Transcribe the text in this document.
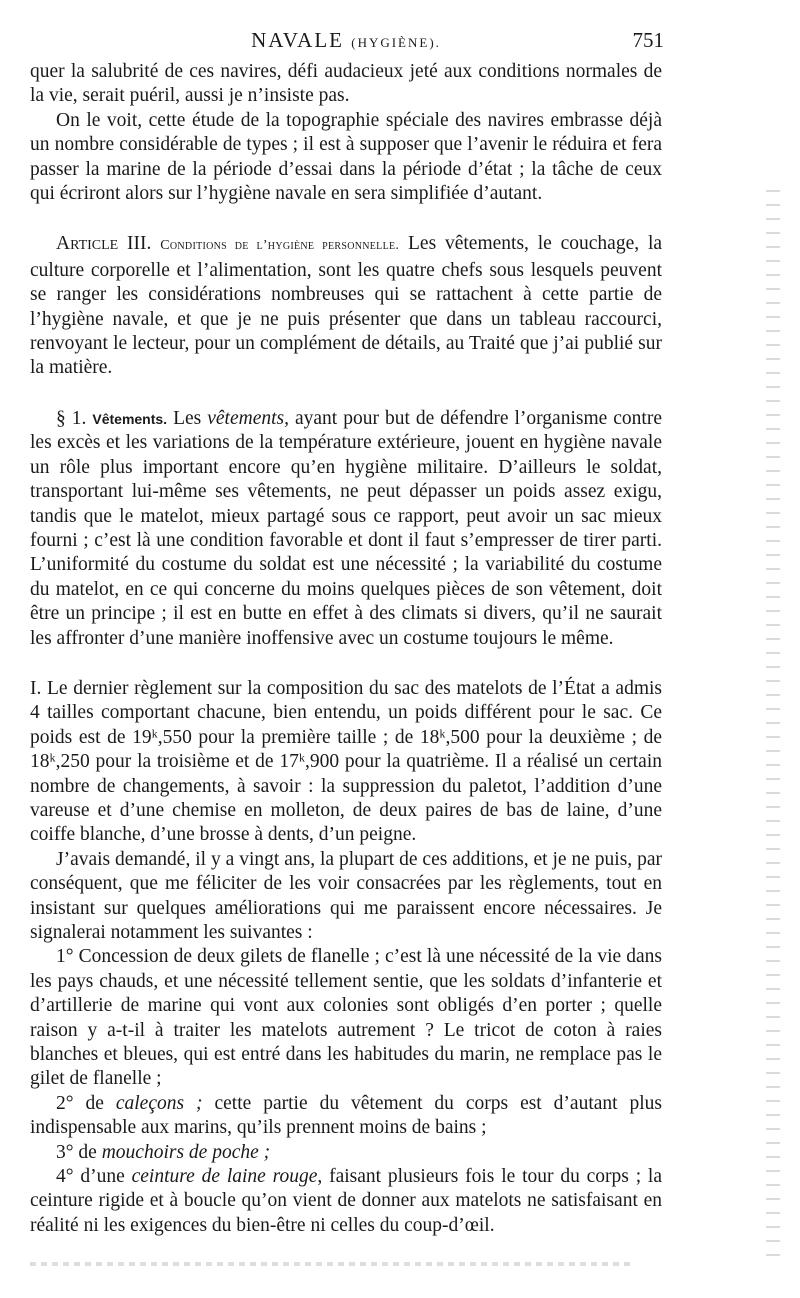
NAVALE (HYGIÈNE).	751

quer la salubrité de ces navires, défi audacieux jeté aux conditions normales de la vie, serait puéril, aussi je n’insiste pas.

On le voit, cette étude de la topographie spéciale des navires embrasse déjà un nombre considérable de types ; il est à supposer que l’avenir le réduira et fera passer la marine de la période d’essai dans la période d’état ; la tâche de ceux qui écriront alors sur l’hygiène navale en sera simplifiée d’autant.

Article III. Conditions de l’hygiène personnelle. Les vêtements, le couchage, la culture corporelle et l’alimentation, sont les quatre chefs sous lesquels peuvent se ranger les considérations nombreuses qui se rattachent à cette partie de l’hygiène navale, et que je ne puis présenter que dans un tableau raccourci, renvoyant le lecteur, pour un complément de détails, au Traité que j’ai publié sur la matière.

§ 1. Vêtements. Les vêtements, ayant pour but de défendre l’organisme contre les excès et les variations de la température extérieure, jouent en hygiène navale un rôle plus important encore qu’en hygiène militaire. D’ailleurs le soldat, transportant lui-même ses vêtements, ne peut dépasser un poids assez exigu, tandis que le matelot, mieux partagé sous ce rapport, peut avoir un sac mieux fourni ; c’est là une condition favorable et dont il faut s’empresser de tirer parti. L’uniformité du costume du soldat est une nécessité ; la variabilité du costume du matelot, en ce qui concerne du moins quelques pièces de son vêtement, doit être un principe ; il est en butte en effet à des climats si divers, qu’il ne saurait les affronter d’une manière inoffensive avec un costume toujours le même.

I. Le dernier règlement sur la composition du sac des matelots de l’État a admis 4 tailles comportant chacune, bien entendu, un poids différent pour le sac. Ce poids est de 19ᵏ,550 pour la première taille ; de 18ᵏ,500 pour la deuxième ; de 18ᵏ,250 pour la troisième et de 17ᵏ,900 pour la quatrième. Il a réalisé un certain nombre de changements, à savoir : la suppression du paletot, l’addition d’une vareuse et d’une chemise en molleton, de deux paires de bas de laine, d’une coiffe blanche, d’une brosse à dents, d’un peigne.

J’avais demandé, il y a vingt ans, la plupart de ces additions, et je ne puis, par conséquent, que me féliciter de les voir consacrées par les règlements, tout en insistant sur quelques améliorations qui me paraissent encore nécessaires. Je signalerai notamment les suivantes :

1° Concession de deux gilets de flanelle ; c’est là une nécessité de la vie dans les pays chauds, et une nécessité tellement sentie, que les soldats d’infanterie et d’artillerie de marine qui vont aux colonies sont obligés d’en porter ; quelle raison y a-t-il à traiter les matelots autrement ? Le tricot de coton à raies blanches et bleues, qui est entré dans les habitudes du marin, ne remplace pas le gilet de flanelle ;

2° de caleçons ; cette partie du vêtement du corps est d’autant plus indispensable aux marins, qu’ils prennent moins de bains ;

3° de mouchoirs de poche ;

4° d’une ceinture de laine rouge, faisant plusieurs fois le tour du corps ; la ceinture rigide et à boucle qu’on vient de donner aux matelots ne satisfaisant en réalité ni les exigences du bien-être ni celles du coup-d’œil.
